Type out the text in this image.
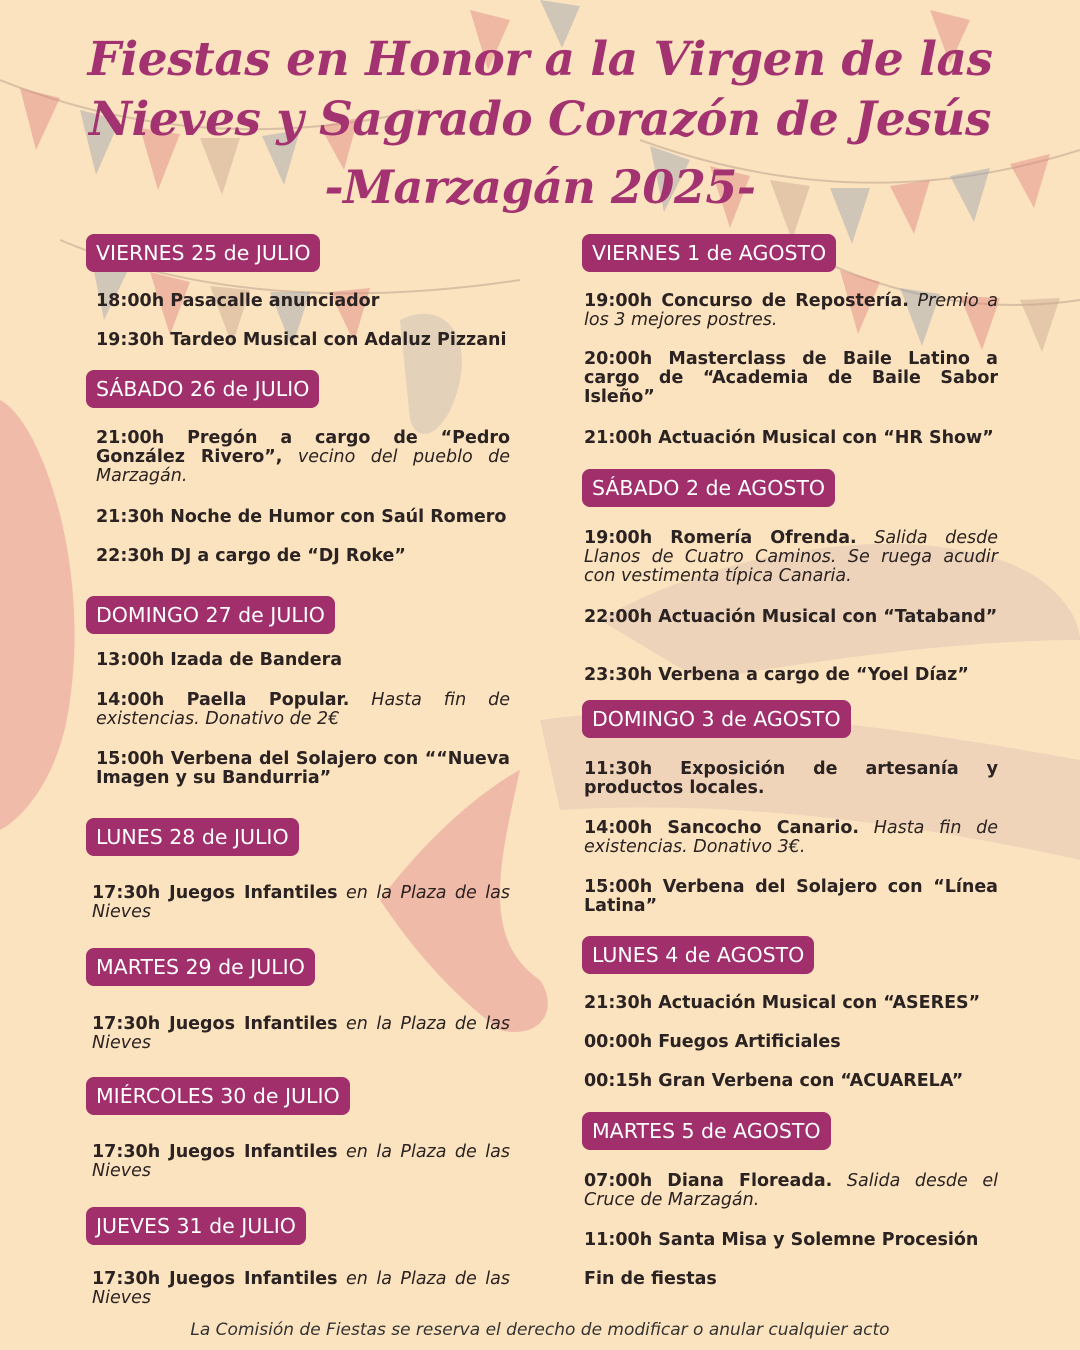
Fiestas en Honor a la Virgen de las
Nieves y Sagrado Corazón de Jesús
-Marzagán 2025-
VIERNES 25 de JULIO

18:00h Pasacalle anunciador

19:30h Tardeo Musical con Adaluz Pizzani

SÁBADO 26 de JULIO

21:00h Pregón a cargo de “Pedro González Rivero”, vecino del pueblo de Marzagán.

21:30h Noche de Humor con Saúl Romero

22:30h DJ a cargo de “DJ Roke”

DOMINGO 27 de JULIO

13:00h Izada de Bandera

14:00h Paella Popular. Hasta fin de existencias. Donativo de 2€

15:00h Verbena del Solajero con ““Nueva Imagen y su Bandurria”

LUNES 28 de JULIO

17:30h Juegos Infantiles en la Plaza de las Nieves

MARTES 29 de JULIO

17:30h Juegos Infantiles en la Plaza de las Nieves

MIÉRCOLES 30 de JULIO

17:30h Juegos Infantiles en la Plaza de las Nieves

JUEVES 31 de JULIO

17:30h Juegos Infantiles en la Plaza de las Nieves

VIERNES 1 de AGOSTO

19:00h Concurso de Repostería. Premio a los 3 mejores postres.

20:00h Masterclass de Baile Latino a cargo de “Academia de Baile Sabor Isleño”

21:00h Actuación Musical con “HR Show”

SÁBADO 2 de AGOSTO

19:00h Romería Ofrenda. Salida desde Llanos de Cuatro Caminos. Se ruega acudir con vestimenta típica Canaria.

22:00h Actuación Musical con “Tataband”

23:30h Verbena a cargo de “Yoel Díaz”

DOMINGO 3 de AGOSTO

11:30h Exposición de artesanía y productos locales.

14:00h Sancocho Canario. Hasta fin de existencias. Donativo 3€.

15:00h Verbena del Solajero con “Línea Latina”

LUNES 4 de AGOSTO

21:30h Actuación Musical con “ASERES”

00:00h Fuegos Artificiales

00:15h Gran Verbena con “ACUARELA”

MARTES 5 de AGOSTO

07:00h Diana Floreada. Salida desde el Cruce de Marzagán.

11:00h Santa Misa y Solemne Procesión

Fin de fiestas

La Comisión de Fiestas se reserva el derecho de modificar o anular cualquier acto
